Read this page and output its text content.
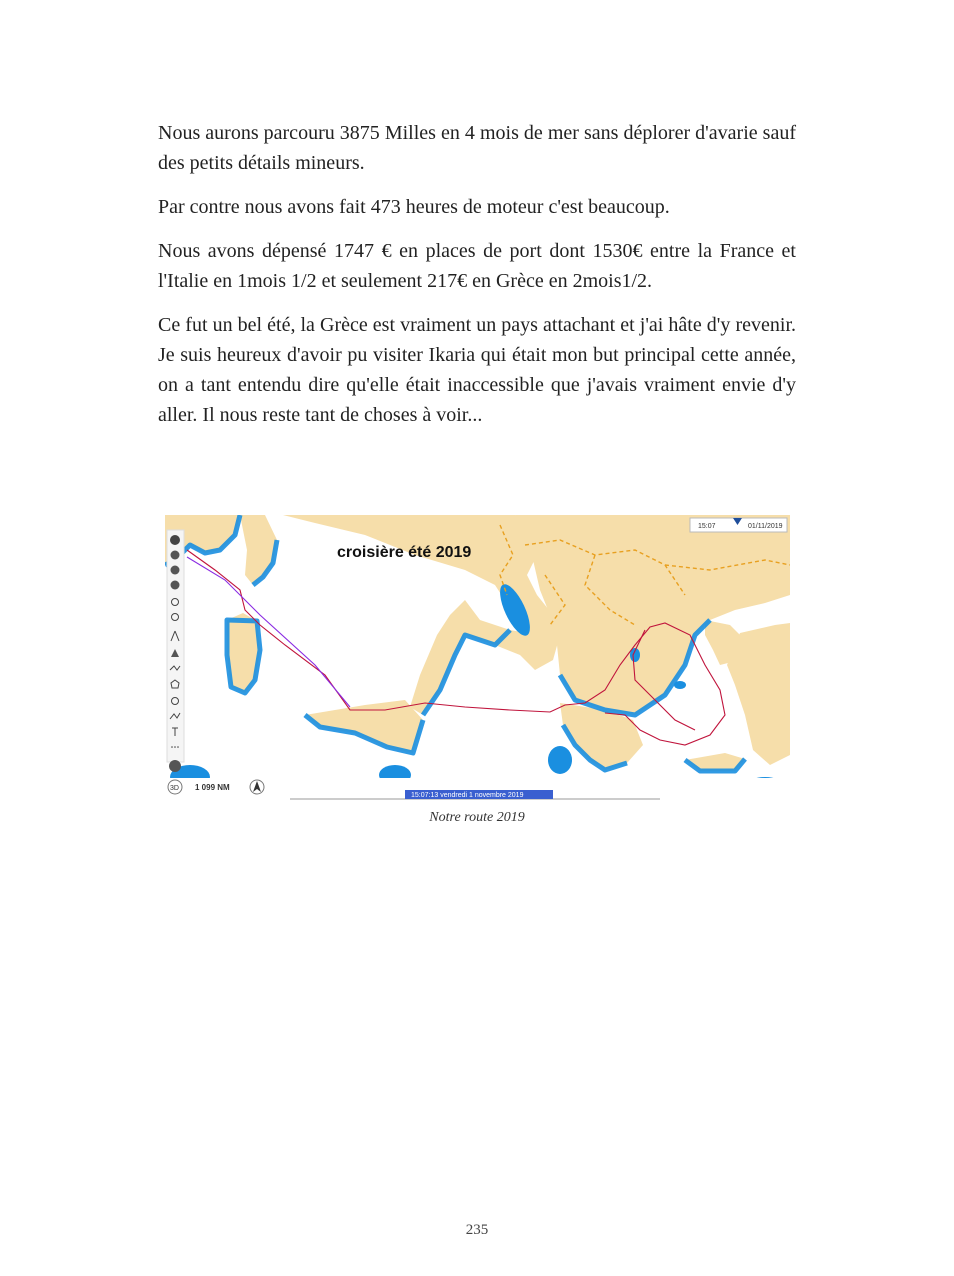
Nous aurons parcouru 3875 Milles en 4 mois de mer sans déplorer d'avarie sauf des petits détails mineurs.

Par contre nous avons fait 473 heures de moteur c'est beaucoup.

Nous avons dépensé 1747 € en places de port dont 1530€ entre la France et l'Italie en 1mois 1/2 et seulement 217€ en Grèce en 2mois1/2.

Ce fut un bel été, la Grèce est vraiment un pays attachant et j'ai hâte d'y revenir. Je suis heureux d'avoir pu visiter Ikaria qui était mon but principal cette année, on a tant entendu dire qu'elle était inaccessible que j'avais vraiment envie d'y aller. Il nous reste tant de choses à voir...

croisière été 2019
15:07	01/11/2019
3D 1 099 NM
15:07:13 vendredi 1 novembre 2019
Notre route 2019
235
